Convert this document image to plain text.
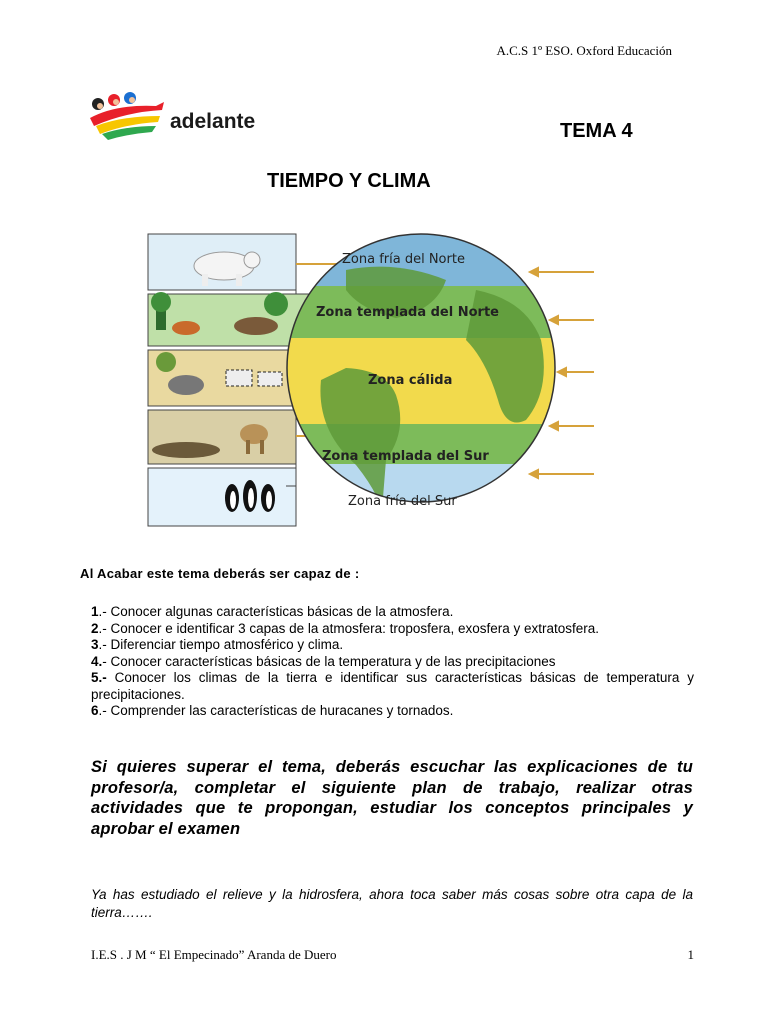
A.C.S 1º ESO. Oxford Educación
adelante	TEMA 4
TIEMPO Y CLIMA
Zona fría del Norte
Zona templada del Norte
Zona cálida
Zona templada del Sur
Zona fría del Sur
Al Acabar este tema deberás ser capaz de :

1.- Conocer algunas características básicas de la atmosfera.

2.- Conocer e identificar 3 capas de la atmosfera: troposfera, exosfera y extratosfera.

3.- Diferenciar tiempo atmosférico y clima.

4.- Conocer características básicas de la temperatura y de las precipitaciones

5.- Conocer los climas de la tierra e identificar sus características básicas de temperatura y precipitaciones.

6.- Comprender las características de huracanes y tornados.

Si quieres superar el tema, deberás escuchar las explicaciones de tu profesor/a, completar el siguiente plan de trabajo, realizar otras actividades que te propongan, estudiar los conceptos principales y aprobar el examen
Ya has estudiado el relieve y la hidrosfera, ahora toca saber más cosas sobre otra capa de la tierra…….
I.E.S . J M “ El Empecinado” Aranda de Duero	1
